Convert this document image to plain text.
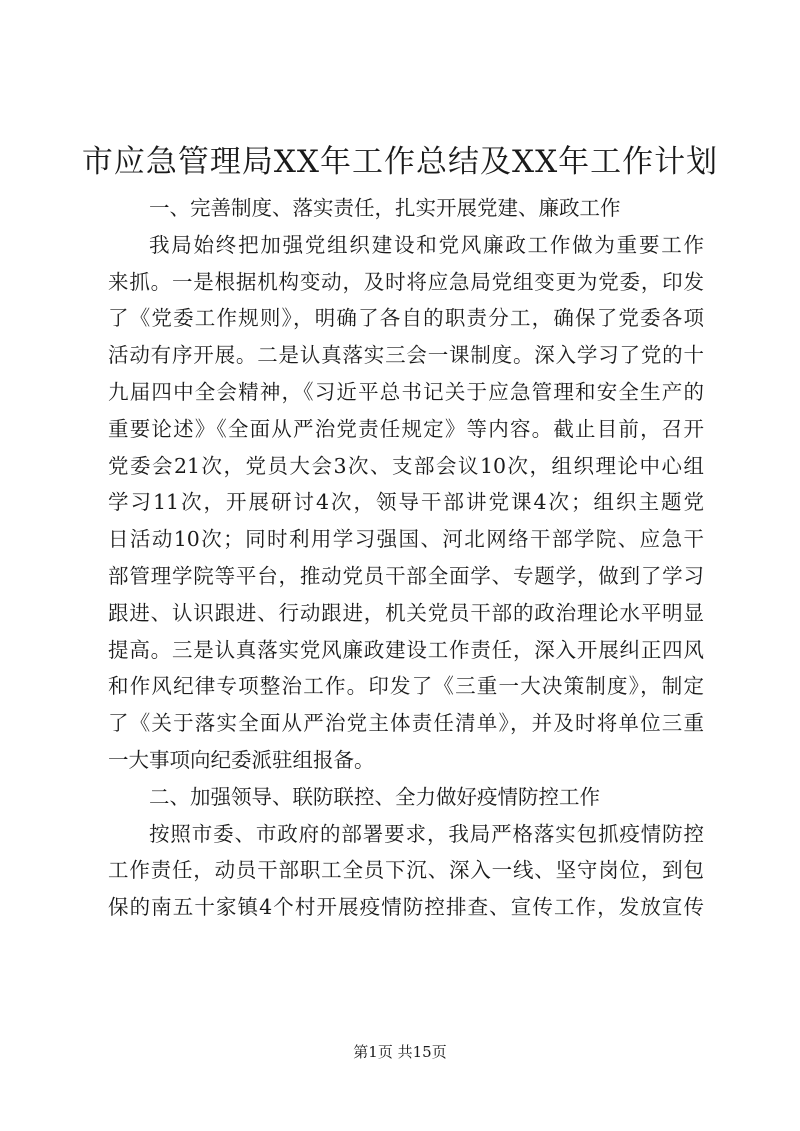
市应急管理局XX年工作总结及XX年工作计划
一、完善制度、落实责任，扎实开展党建、廉政工作
我局始终把加强党组织建设和党风廉政工作做为重要工作
来抓。一是根据机构变动，及时将应急局党组变更为党委，印发
了《党委工作规则》，明确了各自的职责分工，确保了党委各项
活动有序开展。二是认真落实三会一课制度。深入学习了党的十
九届四中全会精神，《习近平总书记关于应急管理和安全生产的
重要论述》《全面从严治党责任规定》等内容。截止目前，召开
党委会21次，党员大会3次、支部会议10次，组织理论中心组
学习11次，开展研讨4次，领导干部讲党课4次；组织主题党
日活动10次；同时利用学习强国、河北网络干部学院、应急干
部管理学院等平台，推动党员干部全面学、专题学，做到了学习
跟进、认识跟进、行动跟进，机关党员干部的政治理论水平明显
提高。三是认真落实党风廉政建设工作责任，深入开展纠正四风
和作风纪律专项整治工作。印发了《三重一大决策制度》，制定
了《关于落实全面从严治党主体责任清单》，并及时将单位三重
一大事项向纪委派驻组报备。
二、加强领导、联防联控、全力做好疫情防控工作
按照市委、市政府的部署要求，我局严格落实包抓疫情防控
工作责任，动员干部职工全员下沉、深入一线、坚守岗位，到包
保的南五十家镇4个村开展疫情防控排查、宣传工作，发放宣传
第1页 共15页
